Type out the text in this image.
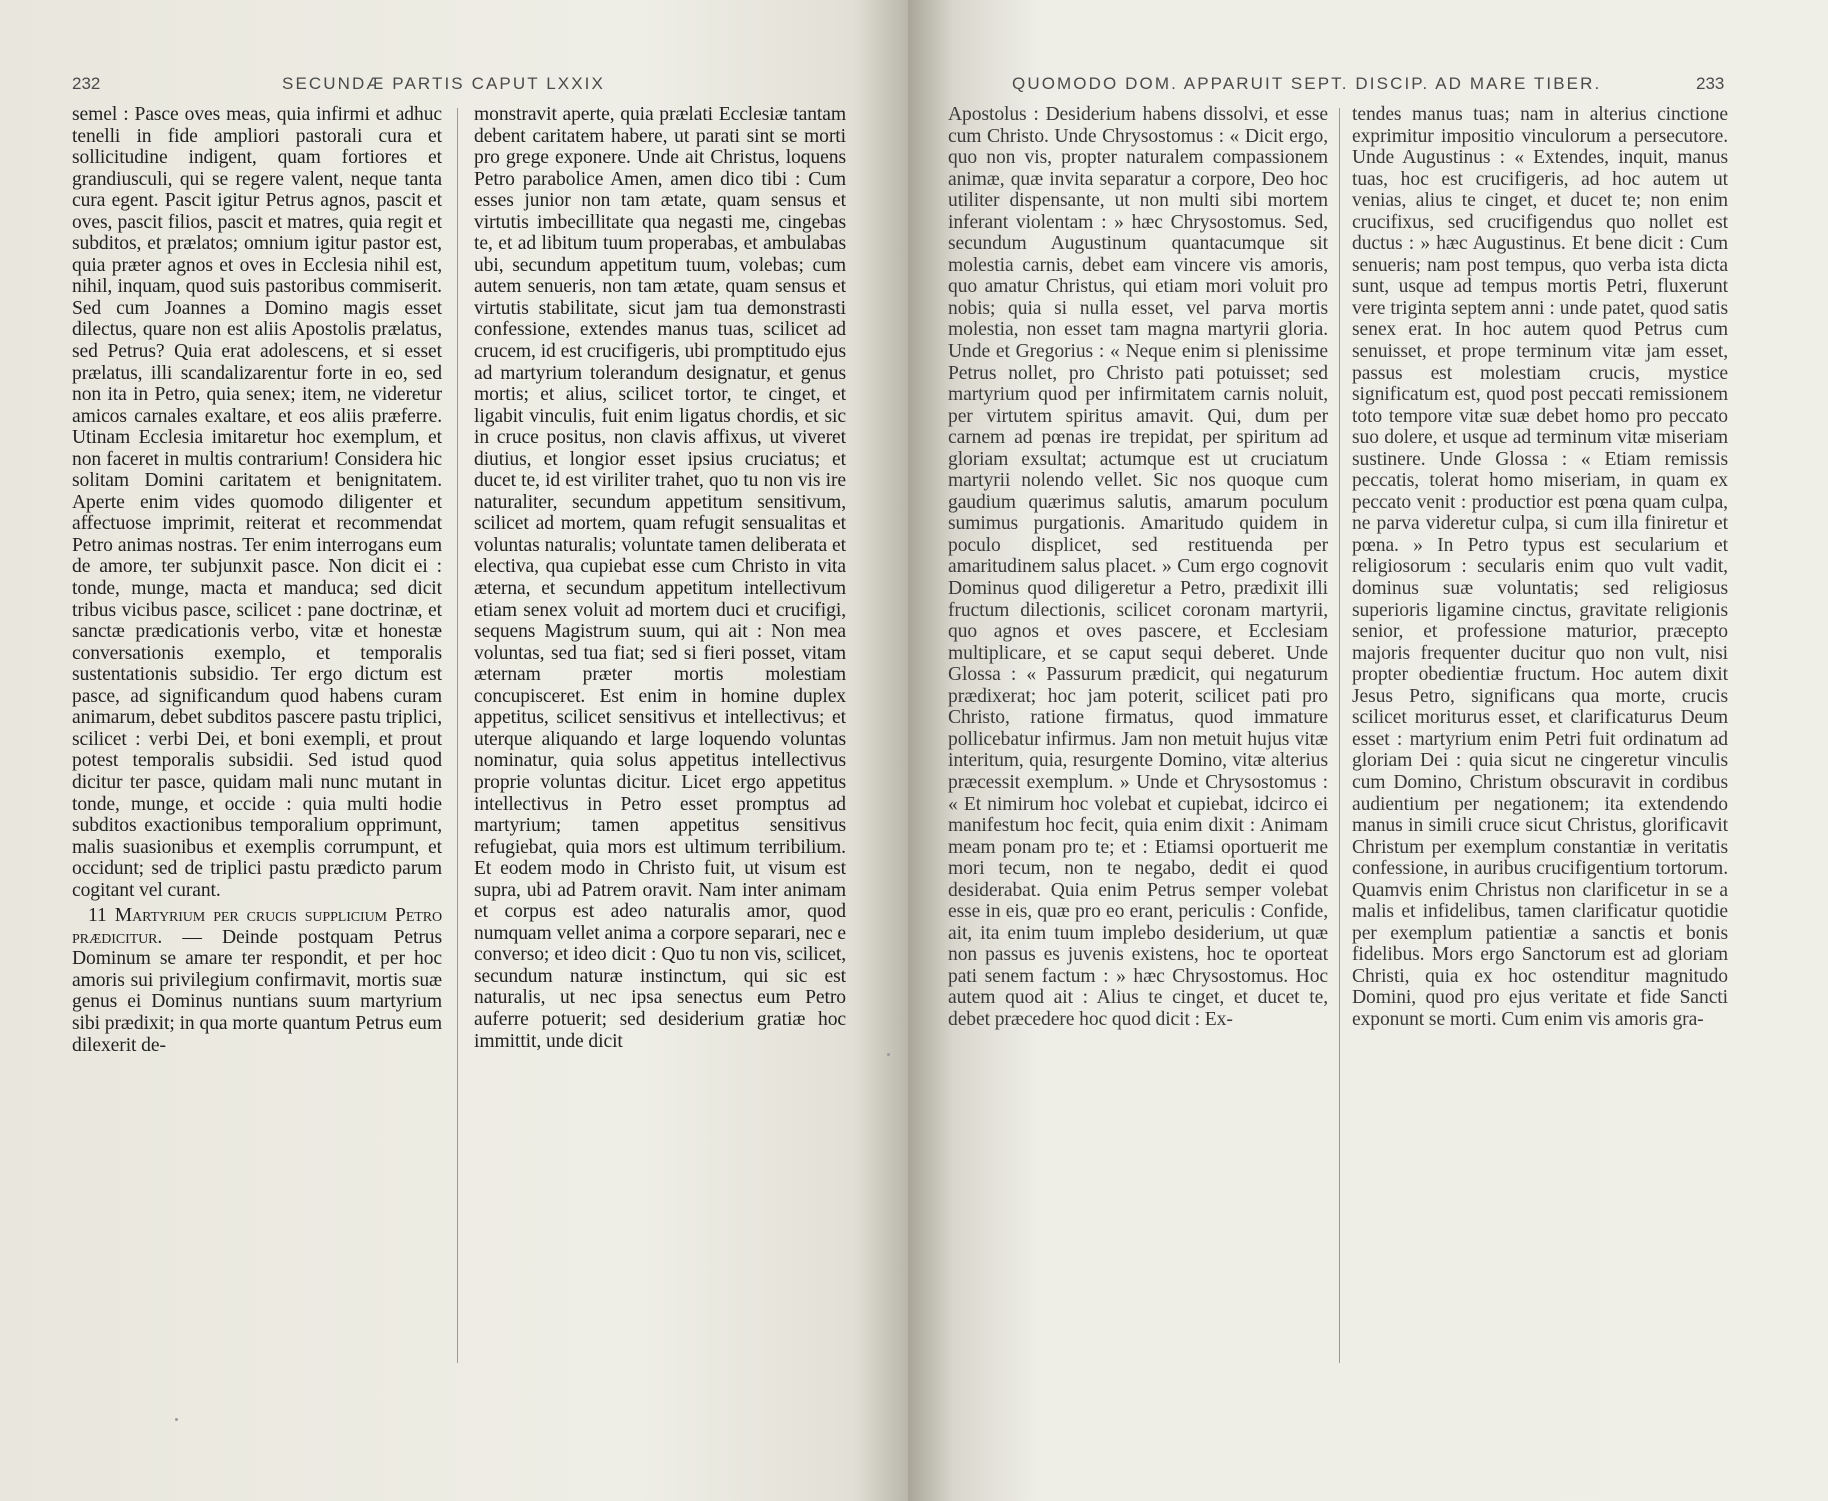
232	SECUNDÆ PARTIS CAPUT LXXIX
semel : Pasce oves meas, quia infirmi et adhuc tenelli in fide ampliori pastorali cura et sollicitudine indigent, quam fortiores et grandiusculi, qui se regere valent, neque tanta cura egent. Pascit igitur Petrus agnos, pascit et oves, pascit filios, pascit et matres, quia regit et subditos, et prælatos; omnium igitur pastor est, quia præter agnos et oves in Ecclesia nihil est, nihil, inquam, quod suis pastoribus commiserit. Sed cum Joannes a Domino magis esset dilectus, quare non est aliis Apostolis prælatus, sed Petrus? Quia erat adolescens, et si esset prælatus, illi scandalizarentur forte in eo, sed non ita in Petro, quia senex; item, ne videretur amicos carnales exaltare, et eos aliis præferre. Utinam Ecclesia imitaretur hoc exemplum, et non faceret in multis contrarium! Considera hic solitam Domini caritatem et benignitatem. Aperte enim vides quomodo diligenter et affectuose imprimit, reiterat et recommendat Petro animas nostras. Ter enim interrogans eum de amore, ter subjunxit pasce. Non dicit ei : tonde, munge, macta et manduca; sed dicit tribus vicibus pasce, scilicet : pane doctrinæ, et sanctæ prædicationis verbo, vitæ et honestæ conversationis exemplo, et temporalis sustentationis subsidio. Ter ergo dictum est pasce, ad significandum quod habens curam animarum, debet subditos pascere pastu triplici, scilicet : verbi Dei, et boni exempli, et prout potest temporalis subsidii. Sed istud quod dicitur ter pasce, quidam mali nunc mutant in tonde, munge, et occide : quia multi hodie subditos exactionibus temporalium opprimunt, malis suasionibus et exemplis corrumpunt, et occidunt; sed de triplici pastu prædicto parum cogitant vel curant.
11 Martyrium per crucis supplicium Petro prædicitur. — Deinde postquam Petrus Dominum se amare ter respondit, et per hoc amoris sui privilegium confirmavit, mortis suæ genus ei Dominus nuntians suum martyrium sibi prædixit; in qua morte quantum Petrus eum dilexerit de-
monstravit aperte, quia prælati Ecclesiæ tantam debent caritatem habere, ut parati sint se morti pro grege exponere. Unde ait Christus, loquens Petro parabolice Amen, amen dico tibi : Cum esses junior non tam ætate, quam sensus et virtutis imbecillitate qua negasti me, cingebas te, et ad libitum tuum properabas, et ambulabas ubi, secundum appetitum tuum, volebas; cum autem senueris, non tam ætate, quam sensus et virtutis stabilitate, sicut jam tua demonstrasti confessione, extendes manus tuas, scilicet ad crucem, id est crucifigeris, ubi promptitudo ejus ad martyrium tolerandum designatur, et genus mortis; et alius, scilicet tortor, te cinget, et ligabit vinculis, fuit enim ligatus chordis, et sic in cruce positus, non clavis affixus, ut viveret diutius, et longior esset ipsius cruciatus; et ducet te, id est viriliter trahet, quo tu non vis ire naturaliter, secundum appetitum sensitivum, scilicet ad mortem, quam refugit sensualitas et voluntas naturalis; voluntate tamen deliberata et electiva, qua cupiebat esse cum Christo in vita æterna, et secundum appetitum intellectivum etiam senex voluit ad mortem duci et crucifigi, sequens Magistrum suum, qui ait : Non mea voluntas, sed tua fiat; sed si fieri posset, vitam æternam præter mortis molestiam concupisceret. Est enim in homine duplex appetitus, scilicet sensitivus et intellectivus; et uterque aliquando et large loquendo voluntas nominatur, quia solus appetitus intellectivus proprie voluntas dicitur. Licet ergo appetitus intellectivus in Petro esset promptus ad martyrium; tamen appetitus sensitivus refugiebat, quia mors est ultimum terribilium. Et eodem modo in Christo fuit, ut visum est supra, ubi ad Patrem oravit. Nam inter animam et corpus est adeo naturalis amor, quod numquam vellet anima a corpore separari, nec e converso; et ideo dicit : Quo tu non vis, scilicet, secundum naturæ instinctum, qui sic est naturalis, ut nec ipsa senectus eum Petro auferre potuerit; sed desiderium gratiæ hoc immittit, unde dicit
QUOMODO DOM. APPARUIT SEPT. DISCIP. AD MARE TIBER.	233
Apostolus : Desiderium habens dissolvi, et esse cum Christo. Unde Chrysostomus : « Dicit ergo, quo non vis, propter naturalem compassionem animæ, quæ invita separatur a corpore, Deo hoc utiliter dispensante, ut non multi sibi mortem inferant violentam : » hæc Chrysostomus. Sed, secundum Augustinum quantacumque sit molestia carnis, debet eam vincere vis amoris, quo amatur Christus, qui etiam mori voluit pro nobis; quia si nulla esset, vel parva mortis molestia, non esset tam magna martyrii gloria. Unde et Gregorius : « Neque enim si plenissime Petrus nollet, pro Christo pati potuisset; sed martyrium quod per infirmitatem carnis noluit, per virtutem spiritus amavit. Qui, dum per carnem ad pœnas ire trepidat, per spiritum ad gloriam exsultat; actumque est ut cruciatum martyrii nolendo vellet. Sic nos quoque cum gaudium quærimus salutis, amarum poculum sumimus purgationis. Amaritudo quidem in poculo displicet, sed restituenda per amaritudinem salus placet. » Cum ergo cognovit Dominus quod diligeretur a Petro, prædixit illi fructum dilectionis, scilicet coronam martyrii, quo agnos et oves pascere, et Ecclesiam multiplicare, et se caput sequi deberet. Unde Glossa : « Passurum prædicit, qui negaturum prædixerat; hoc jam poterit, scilicet pati pro Christo, ratione firmatus, quod immature pollicebatur infirmus. Jam non metuit hujus vitæ interitum, quia, resurgente Domino, vitæ alterius præcessit exemplum. » Unde et Chrysostomus : « Et nimirum hoc volebat et cupiebat, idcirco ei manifestum hoc fecit, quia enim dixit : Animam meam ponam pro te; et : Etiamsi oportuerit me mori tecum, non te negabo, dedit ei quod desiderabat. Quia enim Petrus semper volebat esse in eis, quæ pro eo erant, periculis : Confide, ait, ita enim tuum implebo desiderium, ut quæ non passus es juvenis existens, hoc te oporteat pati senem factum : » hæc Chrysostomus. Hoc autem quod ait : Alius te cinget, et ducet te, debet præcedere hoc quod dicit : Ex-
tendes manus tuas; nam in alterius cinctione exprimitur impositio vinculorum a persecutore. Unde Augustinus : « Extendes, inquit, manus tuas, hoc est crucifigeris, ad hoc autem ut venias, alius te cinget, et ducet te; non enim crucifixus, sed crucifigendus quo nollet est ductus : » hæc Augustinus. Et bene dicit : Cum senueris; nam post tempus, quo verba ista dicta sunt, usque ad tempus mortis Petri, fluxerunt vere triginta septem anni : unde patet, quod satis senex erat. In hoc autem quod Petrus cum senuisset, et prope terminum vitæ jam esset, passus est molestiam crucis, mystice significatum est, quod post peccati remissionem toto tempore vitæ suæ debet homo pro peccato suo dolere, et usque ad terminum vitæ miseriam sustinere. Unde Glossa : « Etiam remissis peccatis, tolerat homo miseriam, in quam ex peccato venit : productior est pœna quam culpa, ne parva videretur culpa, si cum illa finiretur et pœna. » In Petro typus est secularium et religiosorum : secularis enim quo vult vadit, dominus suæ voluntatis; sed religiosus superioris ligamine cinctus, gravitate religionis senior, et professione maturior, præcepto majoris frequenter ducitur quo non vult, nisi propter obedientiæ fructum. Hoc autem dixit Jesus Petro, significans qua morte, crucis scilicet moriturus esset, et clarificaturus Deum esset : martyrium enim Petri fuit ordinatum ad gloriam Dei : quia sicut ne cingeretur vinculis cum Domino, Christum obscuravit in cordibus audientium per negationem; ita extendendo manus in simili cruce sicut Christus, glorificavit Christum per exemplum constantiæ in veritatis confessione, in auribus crucifigentium tortorum. Quamvis enim Christus non clarificetur in se a malis et infidelibus, tamen clarificatur quotidie per exemplum patientiæ a sanctis et bonis fidelibus. Mors ergo Sanctorum est ad gloriam Christi, quia ex hoc ostenditur magnitudo Domini, quod pro ejus veritate et fide Sancti exponunt se morti. Cum enim vis amoris gra-
